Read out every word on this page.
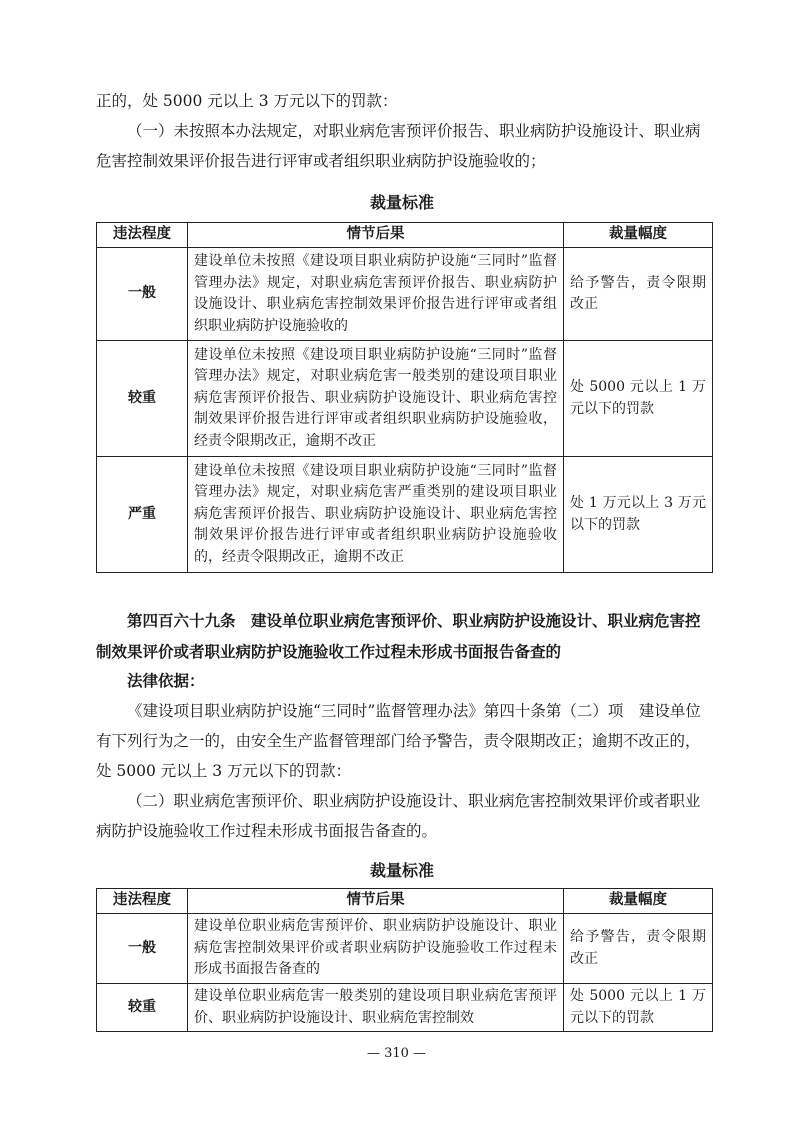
正的，处 5000 元以上 3 万元以下的罚款：

（一）未按照本办法规定，对职业病危害预评价报告、职业病防护设施设计、职业病危害控制效果评价报告进行评审或者组织职业病防护设施验收的；

裁量标准

违法程度	情节后果	裁量幅度
一般	建设单位未按照《建设项目职业病防护设施“三同时”监督管理办法》规定，对职业病危害预评价报告、职业病防护设施设计、职业病危害控制效果评价报告进行评审或者组织职业病防护设施验收的	给予警告，责令限期改正
较重	建设单位未按照《建设项目职业病防护设施“三同时”监督管理办法》规定，对职业病危害一般类别的建设项目职业病危害预评价报告、职业病防护设施设计、职业病危害控制效果评价报告进行评审或者组织职业病防护设施验收，经责令限期改正，逾期不改正	处 5000 元以上 1 万元以下的罚款
严重	建设单位未按照《建设项目职业病防护设施“三同时”监督管理办法》规定，对职业病危害严重类别的建设项目职业病危害预评价报告、职业病防护设施设计、职业病危害控制效果评价报告进行评审或者组织职业病防护设施验收的，经责令限期改正，逾期不改正	处 1 万元以上 3 万元以下的罚款

第四百六十九条　建设单位职业病危害预评价、职业病防护设施设计、职业病危害控制效果评价或者职业病防护设施验收工作过程未形成书面报告备查的

法律依据：

《建设项目职业病防护设施“三同时”监督管理办法》第四十条第（二）项　建设单位有下列行为之一的，由安全生产监督管理部门给予警告，责令限期改正；逾期不改正的，处 5000 元以上 3 万元以下的罚款：

（二）职业病危害预评价、职业病防护设施设计、职业病危害控制效果评价或者职业病防护设施验收工作过程未形成书面报告备查的。

裁量标准

违法程度	情节后果	裁量幅度
一般	建设单位职业病危害预评价、职业病防护设施设计、职业病危害控制效果评价或者职业病防护设施验收工作过程未形成书面报告备查的	给予警告，责令限期改正
较重	建设单位职业病危害一般类别的建设项目职业病危害预评价、职业病防护设施设计、职业病危害控制效	处 5000 元以上 1 万元以下的罚款
— 310 —
